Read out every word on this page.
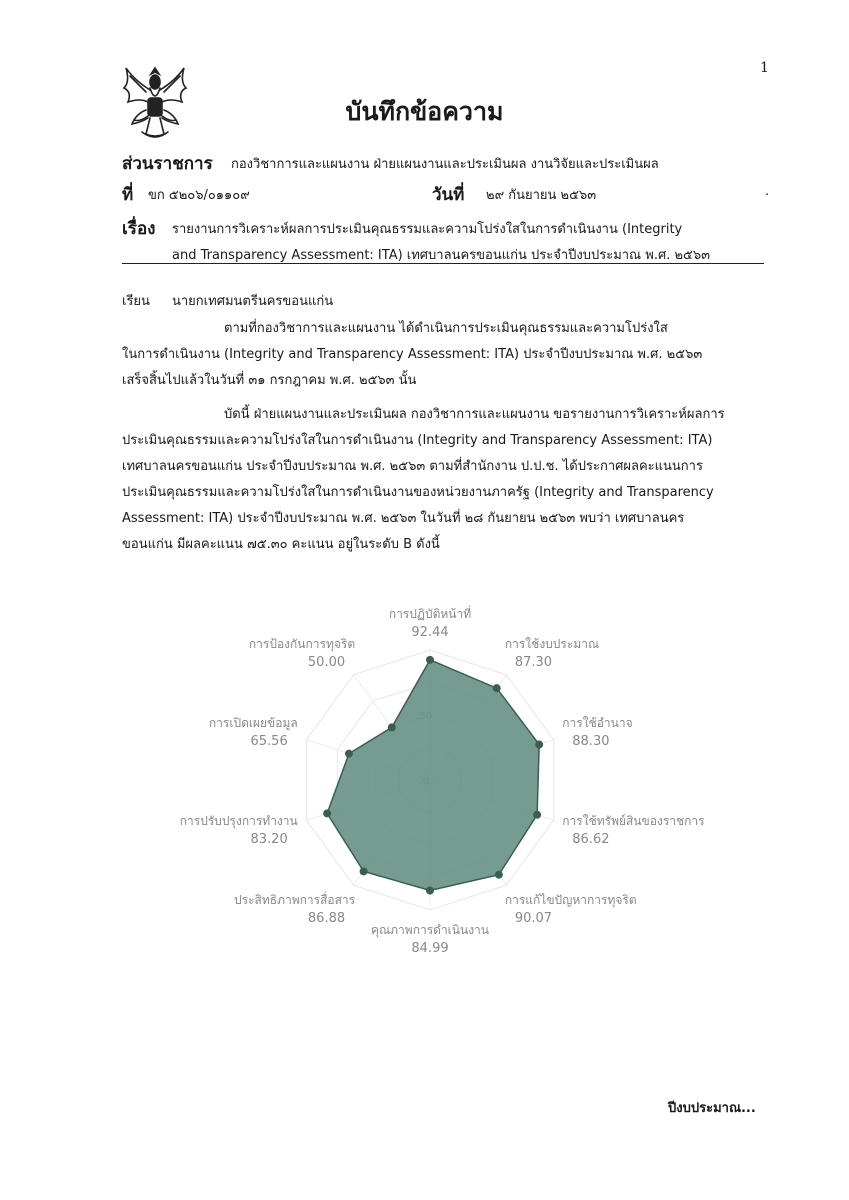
1
บันทึกข้อความ
ส่วนราชการ กองวิชาการและแผนงาน ฝ่ายแผนงานและประเมินผล งานวิจัยและประเมินผล
ที่ ขก ๕๒๐๖/๐๑๑๐๙	วันที่ ๒๙ กันยายน ๒๕๖๓	.
เรื่อง รายงานการวิเคราะห์ผลการประเมินคุณธรรมและความโปร่งใสในการดำเนินงาน (Integrity
and Transparency Assessment: ITA) เทศบาลนครขอนแก่น ประจำปีงบประมาณ พ.ศ. ๒๕๖๓
เรียน นายกเทศมนตรีนครขอนแก่น
ตามที่กองวิชาการและแผนงาน ได้ดำเนินการประเมินคุณธรรมและความโปร่งใส
ในการดำเนินงาน (Integrity and Transparency Assessment: ITA) ประจำปีงบประมาณ พ.ศ. ๒๕๖๓
เสร็จสิ้นไปแล้วในวันที่ ๓๑ กรกฎาคม พ.ศ. ๒๕๖๓ นั้น
บัดนี้ ฝ่ายแผนงานและประเมินผล กองวิชาการและแผนงาน ขอรายงานการวิเคราะห์ผลการ
ประเมินคุณธรรมและความโปร่งใสในการดำเนินงาน (Integrity and Transparency Assessment: ITA)
เทศบาลนครขอนแก่น ประจำปีงบประมาณ พ.ศ. ๒๕๖๓ ตามที่สำนักงาน ป.ป.ช. ได้ประกาศผลคะแนนการ
ประเมินคุณธรรมและความโปร่งใสในการดำเนินงานของหน่วยงานภาครัฐ (Integrity and Transparency
Assessment: ITA) ประจำปีงบประมาณ พ.ศ. ๒๕๖๓ ในวันที่ ๒๘ กันยายน ๒๕๖๓ พบว่า เทศบาลนคร
ขอนแก่น มีผลคะแนน ๗๕.๓๐ คะแนน อยู่ในระดับ B ดังนี้
การปฏิบัติหน้าที่
92.44
การใช้งบประมาณ
87.30
การใช้อำนาจ
88.30
การใช้ทรัพย์สินของราชการ
86.62
การแก้ไขปัญหาการทุจริต
90.07
คุณภาพการดำเนินงาน
84.99
ประสิทธิภาพการสื่อสาร
86.88
การปรับปรุงการทำงาน
83.20
การเปิดเผยข้อมูล
65.56
การป้องกันการทุจริต
50.00
ปีงบประมาณ...
